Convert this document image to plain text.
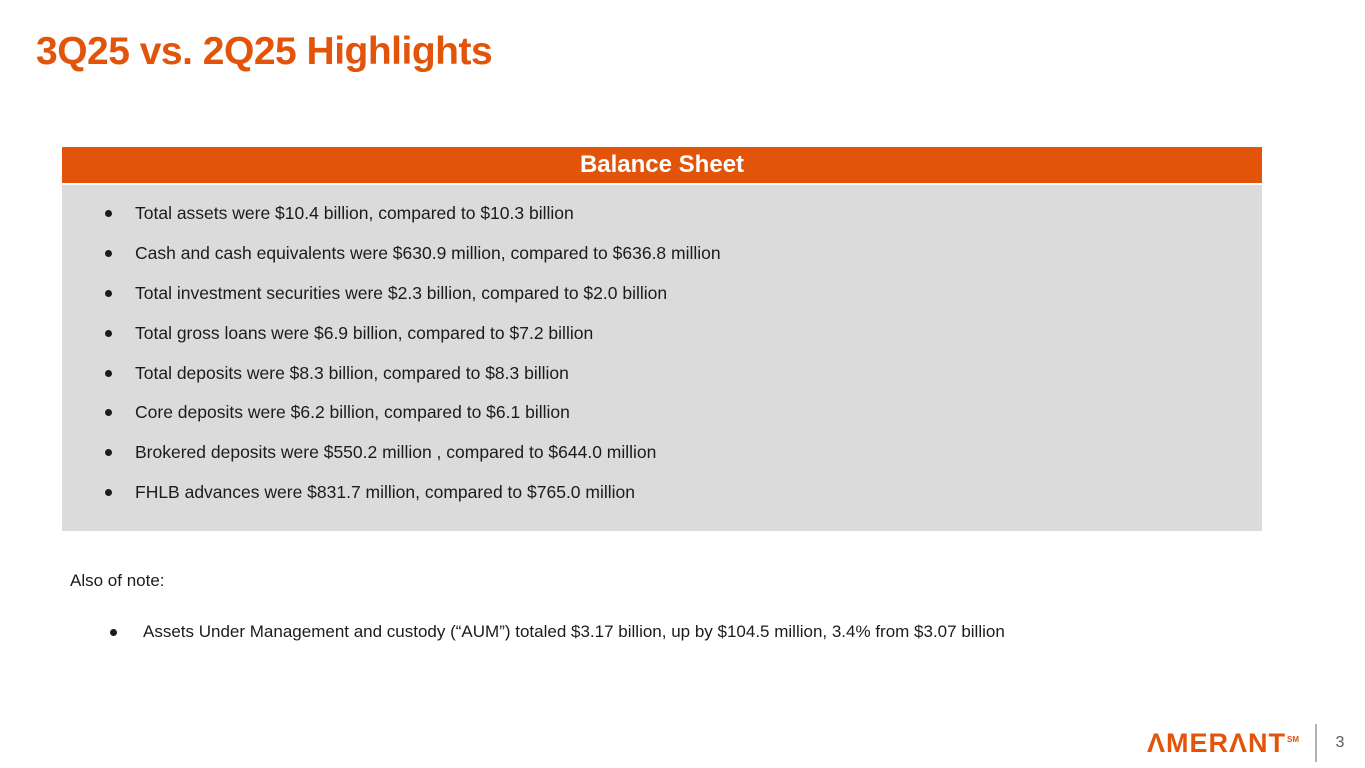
3Q25 vs. 2Q25 Highlights
Balance Sheet
Total assets were $10.4 billion, compared to $10.3 billion
Cash and cash equivalents were $630.9 million, compared to $636.8 million
Total investment securities were $2.3 billion, compared to $2.0 billion
Total gross loans were $6.9 billion, compared to $7.2 billion
Total deposits were $8.3 billion, compared to $8.3 billion
Core deposits were $6.2 billion, compared to $6.1 billion
Brokered deposits were $550.2 million , compared to $644.0 million
FHLB advances were $831.7 million, compared to $765.0 million

Also of note:

Assets Under Management and custody (“AUM”) totaled $3.17 billion, up by $104.5 million, 3.4% from $3.07 billion
ΛMERΛNT℠ 3
